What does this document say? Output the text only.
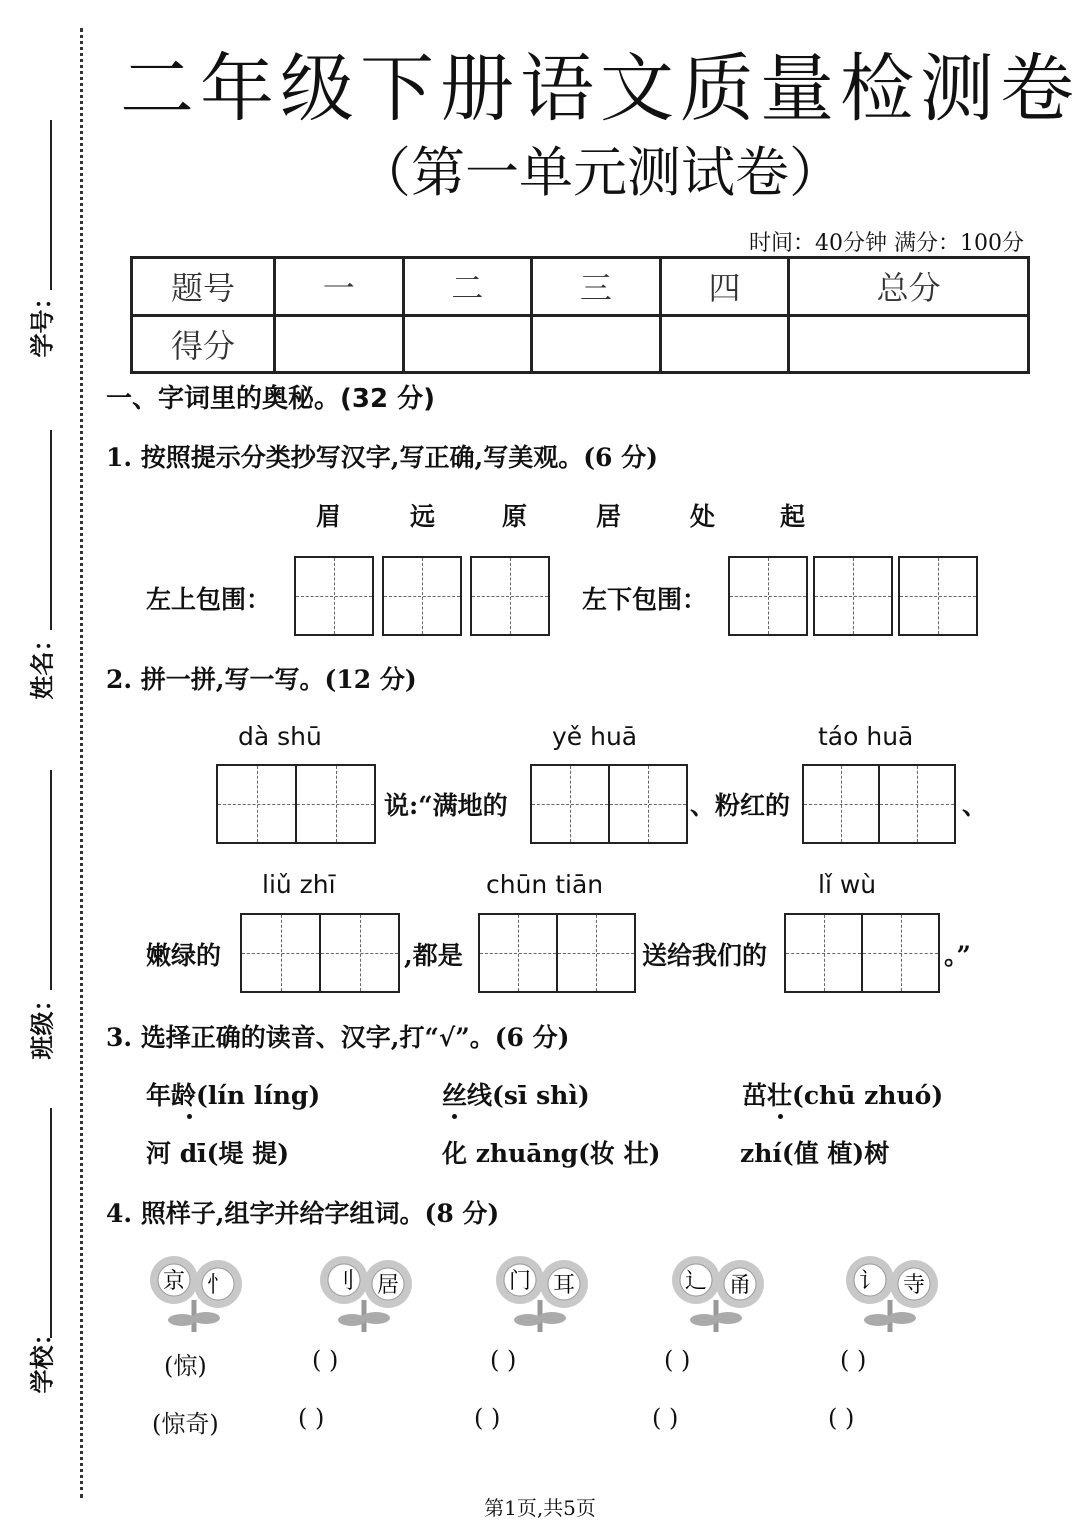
学号：
姓名：
班级：
学校：
二年级下册语文质量检测卷
（第一单元测试卷）
时间：40分钟 满分：100分
题号	一	二	三	四	总分
得分					
一、字词里的奥秘。(32 分)
1. 按照提示分类抄写汉字,写正确,写美观。(6 分)
眉	远	原	居	处	起
左上包围：	左下包围：
2. 拼一拼,写一写。(12 分)
dà shū	yě huā	táo huā
说:“满地的	、粉红的	、
liǔ zhī	chūn tiān	lǐ wù
嫩绿的	,都是	送给我们的	。”
3. 选择正确的读音、汉字,打“√”。(6 分)
年龄(lín líng)	丝线(sī shì)	茁壮(chū zhuó)
河 dī(堤 提)	化 zhuāng(妆 壮)	zhí(值 植)树
4. 照样子,组字并给字组词。(8 分)
京 忄	刂 居	门 耳	辶 甬	讠 寺
(惊)	( )	( )	( )	( )
(惊奇)	( )	( )	( )	( )
第1页,共5页
